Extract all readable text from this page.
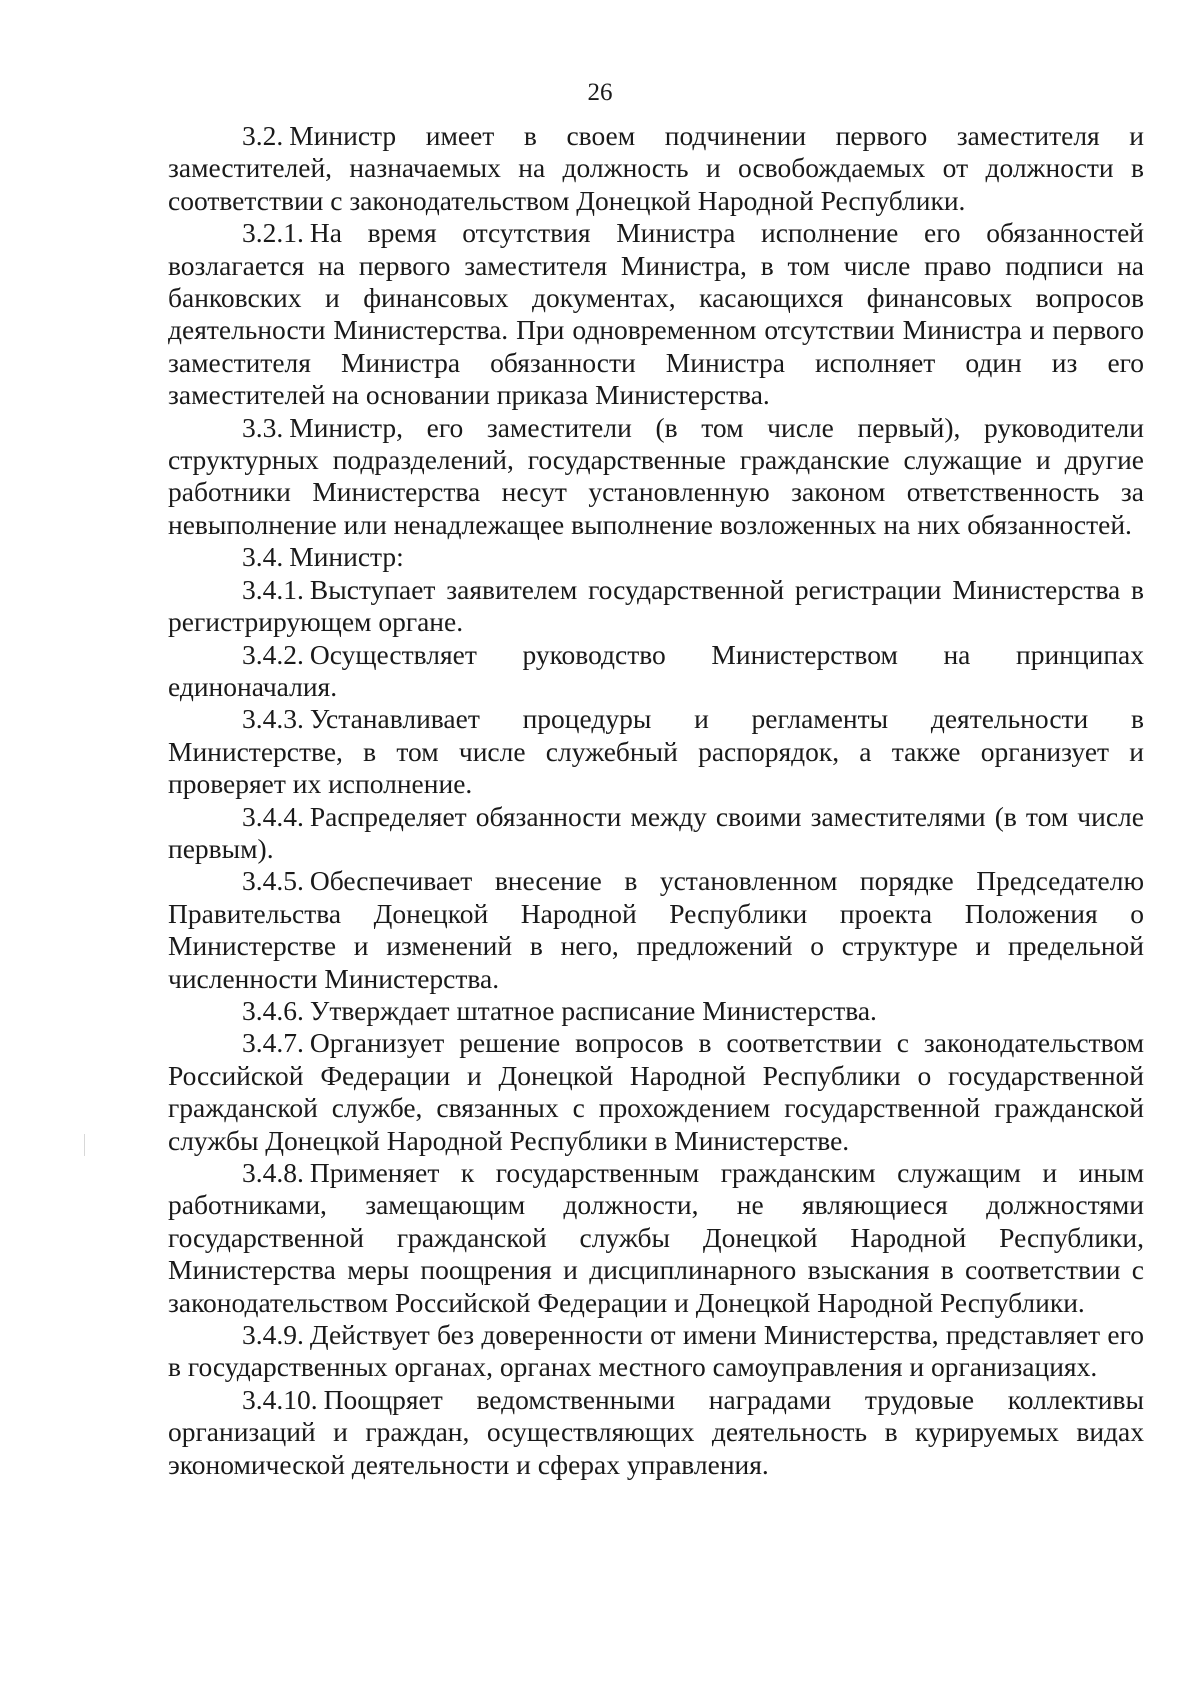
26

3.2. Министр имеет в своем подчинении первого заместителя и заместителей, назначаемых на должность и освобождаемых от должности в соответствии с законодательством Донецкой Народной Республики.

3.2.1. На время отсутствия Министра исполнение его обязанностей возлагается на первого заместителя Министра, в том числе право подписи на банковских и финансовых документах, касающихся финансовых вопросов деятельности Министерства. При одновременном отсутствии Министра и первого заместителя Министра обязанности Министра исполняет один из его заместителей на основании приказа Министерства.

3.3. Министр, его заместители (в том числе первый), руководители структурных подразделений, государственные гражданские служащие и другие работники Министерства несут установленную законом ответственность за невыполнение или ненадлежащее выполнение возложенных на них обязанностей.

3.4. Министр:

3.4.1. Выступает заявителем государственной регистрации Министерства в регистрирующем органе.

3.4.2. Осуществляет руководство Министерством на принципах единоначалия.

3.4.3. Устанавливает процедуры и регламенты деятельности в Министерстве, в том числе служебный распорядок, а также организует и проверяет их исполнение.

3.4.4. Распределяет обязанности между своими заместителями (в том числе первым).

3.4.5. Обеспечивает внесение в установленном порядке Председателю Правительства Донецкой Народной Республики проекта Положения о Министерстве и изменений в него, предложений о структуре и предельной численности Министерства.

3.4.6. Утверждает штатное расписание Министерства.

3.4.7. Организует решение вопросов в соответствии с законодательством Российской Федерации и Донецкой Народной Республики о государственной гражданской службе, связанных с прохождением государственной гражданской службы Донецкой Народной Республики в Министерстве.

3.4.8. Применяет к государственным гражданским служащим и иным работниками, замещающим должности, не являющиеся должностями государственной гражданской службы Донецкой Народной Республики, Министерства меры поощрения и дисциплинарного взыскания в соответствии с законодательством Российской Федерации и Донецкой Народной Республики.

3.4.9. Действует без доверенности от имени Министерства, представляет его в государственных органах, органах местного самоуправления и организациях.

3.4.10. Поощряет ведомственными наградами трудовые коллективы организаций и граждан, осуществляющих деятельность в курируемых видах экономической деятельности и сферах управления.
